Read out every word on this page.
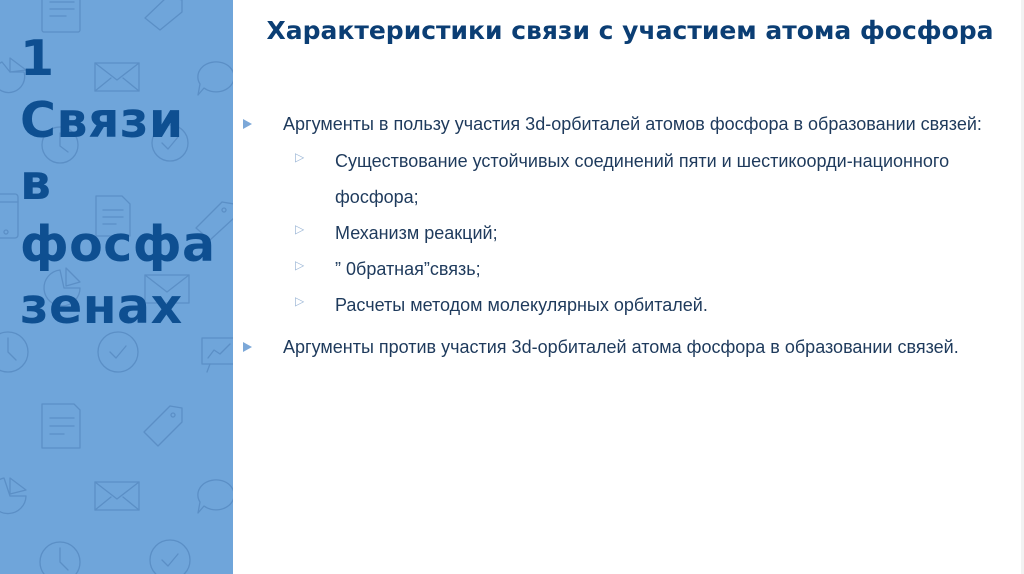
1
Связи
в
фосфа
зенах
Характеристики связи с участием атома фосфора
Аргументы в пользу участия 3d-орбиталей атомов фосфора в образовании связей:
▷ Существование устойчивых соединений пяти и шестикоорди-национного фосфора;
▷ Механизм реакций;
▷ ” 0братная”связь;
▷ Расчеты методом молекулярных орбиталей.
Аргументы против участия 3d-орбиталей атома фосфора в образовании связей.
